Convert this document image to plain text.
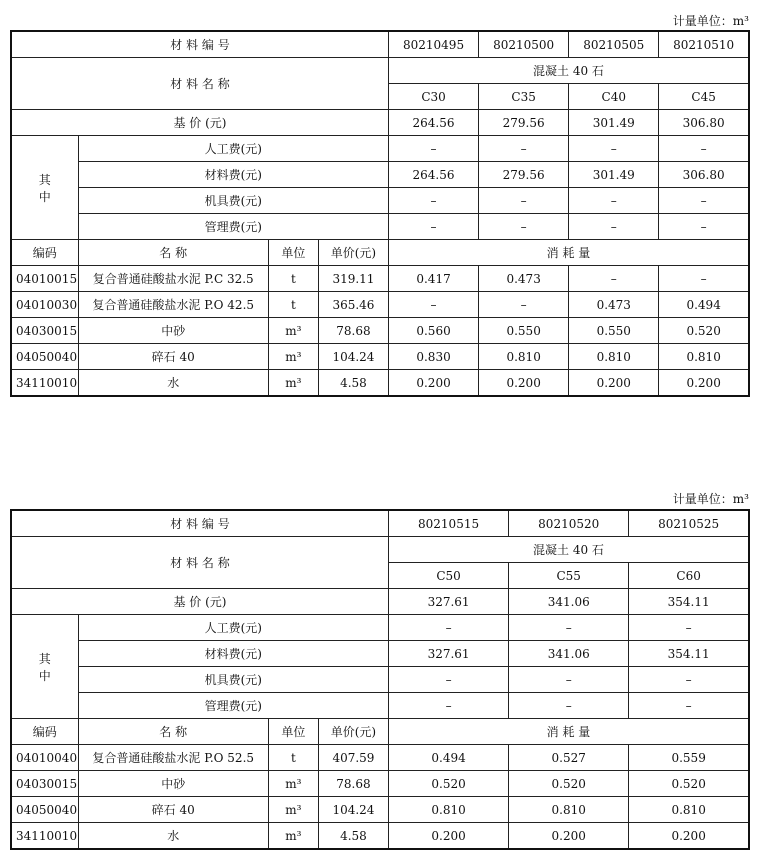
计量单位：m³
材 料 编 号				80210495	80210500	80210505	80210510
材 料 名 称				混凝土 40 石			
				C30	C35	C40	C45
基 价 (元)				264.56	279.56	301.49	306.80
其
中	人工费(元)			–	–	–	–
	材料费(元)			264.56	279.56	301.49	306.80
	机具费(元)			–	–	–	–
	管理费(元)			–	–	–	–
编码	名 称	单位	单价(元)	消 耗 量			
04010015	复合普通硅酸盐水泥 P.C 32.5	t	319.11	0.417	0.473	–	–
04010030	复合普通硅酸盐水泥 P.O 42.5	t	365.46	–	–	0.473	0.494
04030015	中砂	m³	78.68	0.560	0.550	0.550	0.520
04050040	碎石 40	m³	104.24	0.830	0.810	0.810	0.810
34110010	水	m³	4.58	0.200	0.200	0.200	0.200
计量单位：m³
材 料 编 号				80210515	80210520	80210525
材 料 名 称				混凝土 40 石		
				C50	C55	C60
基 价 (元)				327.61	341.06	354.11
其
中	人工费(元)			–	–	–
	材料费(元)			327.61	341.06	354.11
	机具费(元)			–	–	–
	管理费(元)			–	–	–
编码	名 称	单位	单价(元)	消 耗 量		
04010040	复合普通硅酸盐水泥 P.O 52.5	t	407.59	0.494	0.527	0.559
04030015	中砂	m³	78.68	0.520	0.520	0.520
04050040	碎石 40	m³	104.24	0.810	0.810	0.810
34110010	水	m³	4.58	0.200	0.200	0.200
